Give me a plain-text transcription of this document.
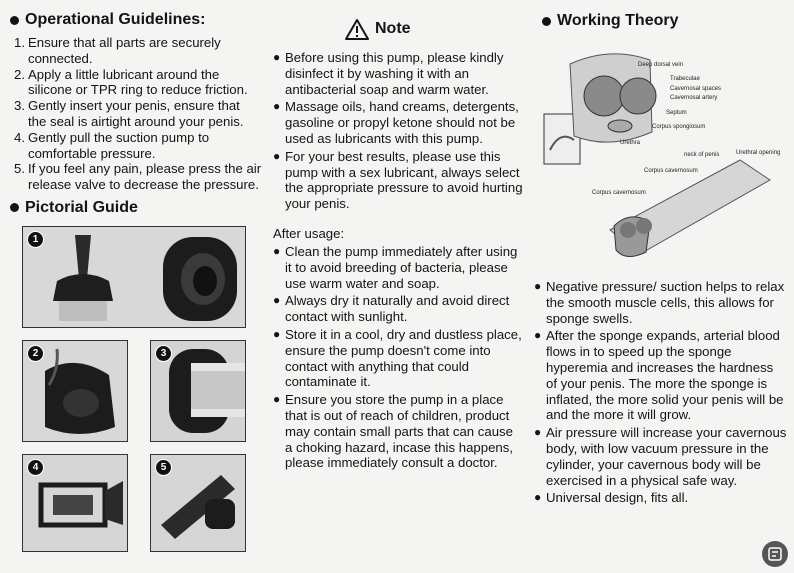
Operational Guidelines:
1. Ensure that all parts are securely
connected.
2. Apply a little lubricant around the
silicone or TPR ring to reduce friction.
3. Gently insert your penis, ensure that
the seal is airtight around your penis.
4. Gently pull the suction pump to
comfortable pressure.
5. If you feel any pain, please press the air
release valve to decrease the pressure.
Pictorial Guide
1
2	3
4	5
Note
● Before using this pump, please kindly
disinfect it by washing it with an
antibacterial soap and warm water.
● Massage oils, hand creams, detergents,
gasoline or propyl ketone should not be
used as lubricants with this pump.
● For your best results, please use this
pump with a sex lubricant, always select
the appropriate pressure to avoid hurting
your penis.
After usage:
● Clean the pump immediately after using
it to avoid breeding of bacteria, please
use warm water and soap.
● Always dry it naturally and avoid direct
contact with sunlight.
● Store it in a cool, dry and dustless place,
ensure the pump doesn't come into
contact with anything that could
contaminate it.
● Ensure you store the pump in a place
that is out of reach of children, product
may contain small parts that can cause
a choking hazard, incase this happens,
please immediately consult a doctor.
Working Theory
Deep dorsal vein
Trabeculae
Cavernosal spaces
Cavernosal artery
Septum
Corpus spongiosum
Urethra
neck of penis	Urethral opening
Corpus cavernosum
Corpus cavernosum
● Negative pressure/ suction helps to relax
the smooth muscle cells, this allows for
sponge swells.
● After the sponge expands, arterial blood
flows in to speed up the sponge
hyperemia and increases the hardness
of your penis. The more the sponge is
inflated, the more solid your penis will be
and the more it will grow.
● Air pressure will increase your cavernous
body, with low vacuum pressure in the
cylinder, your cavernous body will be
exercised in a physical safe way.
● Universal design, fits all.
